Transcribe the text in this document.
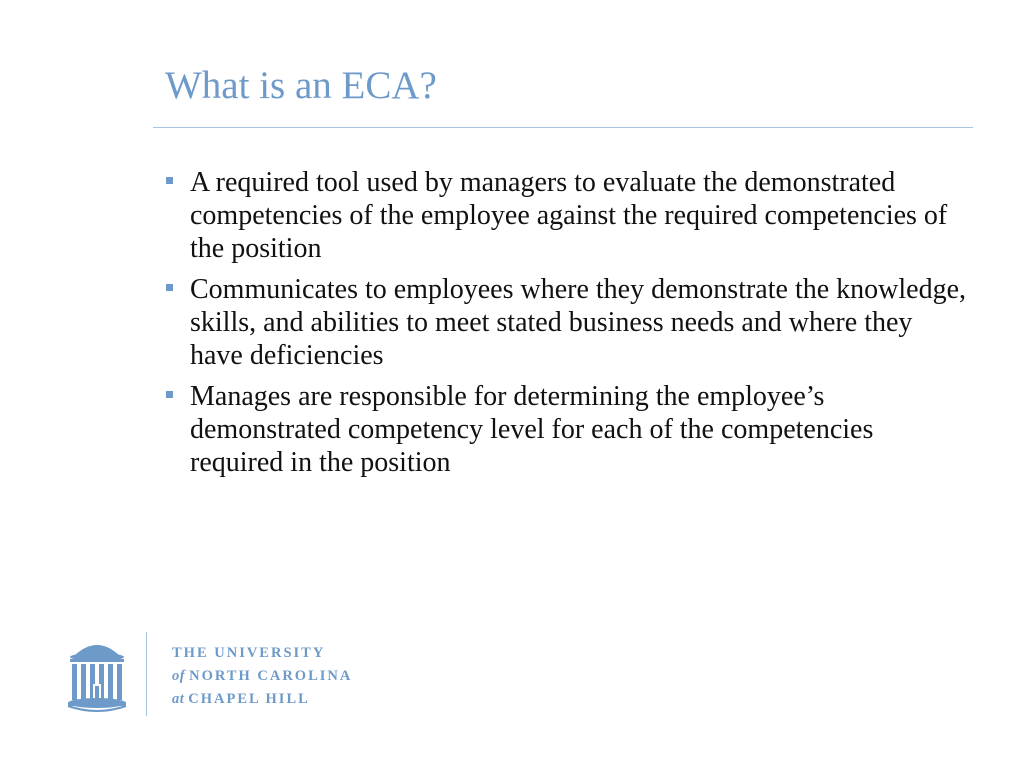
What is an ECA?
A required tool used by managers to evaluate the demonstrated competencies of the employee against the required competencies of the position
Communicates to employees where they demonstrate the knowledge, skills, and abilities to meet stated business needs and where they have deficiencies
Manages are responsible for determining the employee’s demonstrated competency level for each of the competencies required in the position
THE UNIVERSITY
of NORTH CAROLINA
at CHAPEL HILL
